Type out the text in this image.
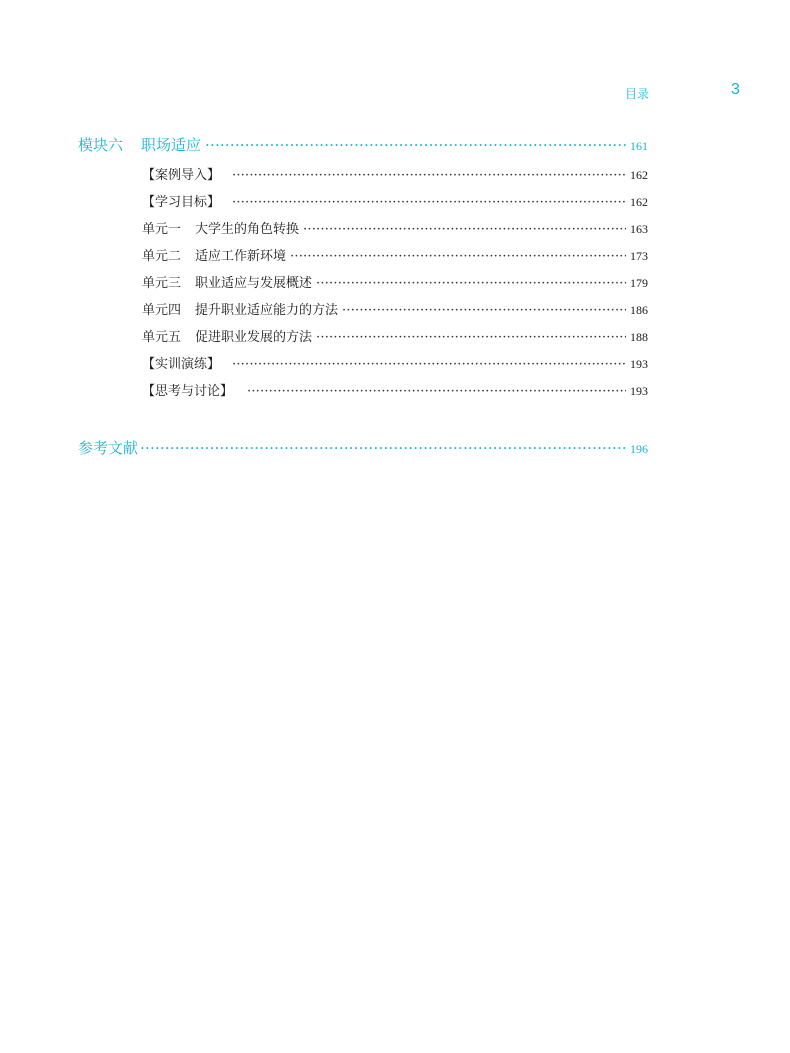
目录	3
模块六 职场适应 ·····	161
【案例导入】 ·····	162
【学习目标】 ·····	162
单元一 大学生的角色转换 ·····	163
单元二 适应工作新环境 ·····	173
单元三 职业适应与发展概述 ·····	179
单元四 提升职业适应能力的方法 ·····	186
单元五 促进职业发展的方法 ·····	188
【实训演练】 ·····	193
【思考与讨论】 ·····	193
参考文献 ·····	196
